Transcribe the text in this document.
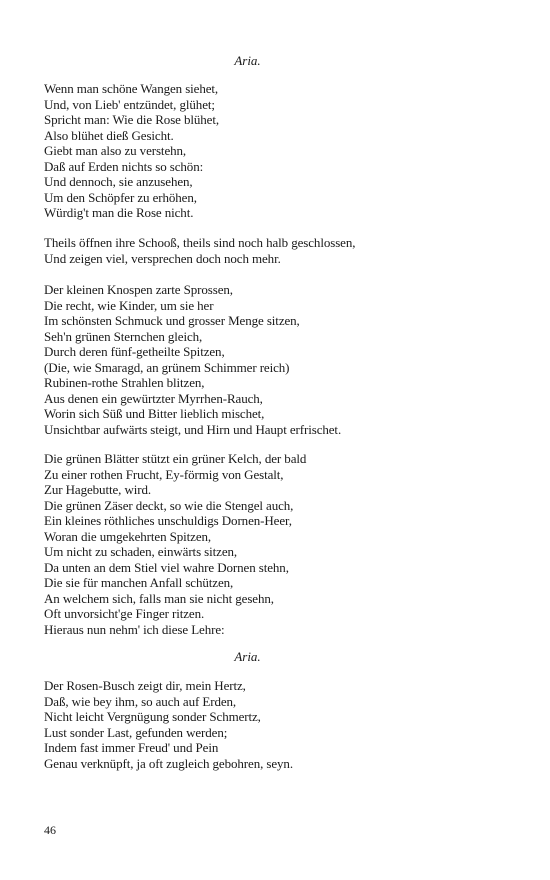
Aria.
Wenn man schöne Wangen siehet,
Und, von Lieb' entzündet, glühet;
Spricht man: Wie die Rose blühet,
Also blühet dieß Gesicht.
Giebt man also zu verstehn,
Daß auf Erden nichts so schön:
Und dennoch, sie anzusehen,
Um den Schöpfer zu erhöhen,
Würdig't man die Rose nicht.
Theils öffnen ihre Schooß, theils sind noch halb geschlossen,
Und zeigen viel, versprechen doch noch mehr.
Der kleinen Knospen zarte Sprossen,
Die recht, wie Kinder, um sie her
Im schönsten Schmuck und grosser Menge sitzen,
Seh'n grünen Sternchen gleich,
Durch deren fünf-getheilte Spitzen,
(Die, wie Smaragd, an grünem Schimmer reich)
Rubinen-rothe Strahlen blitzen,
Aus denen ein gewürtzter Myrrhen-Rauch,
Worin sich Süß und Bitter lieblich mischet,
Unsichtbar aufwärts steigt, und Hirn und Haupt erfrischet.
Die grünen Blätter stützt ein grüner Kelch, der bald
Zu einer rothen Frucht, Ey-förmig von Gestalt,
Zur Hagebutte, wird.
Die grünen Zäser deckt, so wie die Stengel auch,
Ein kleines röthliches unschuldigs Dornen-Heer,
Woran die umgekehrten Spitzen,
Um nicht zu schaden, einwärts sitzen,
Da unten an dem Stiel viel wahre Dornen stehn,
Die sie für manchen Anfall schützen,
An welchem sich, falls man sie nicht gesehn,
Oft unvorsicht'ge Finger ritzen.
Hieraus nun nehm' ich diese Lehre:
Aria.
Der Rosen-Busch zeigt dir, mein Hertz,
Daß, wie bey ihm, so auch auf Erden,
Nicht leicht Vergnügung sonder Schmertz,
Lust sonder Last, gefunden werden;
Indem fast immer Freud' und Pein
Genau verknüpft, ja oft zugleich gebohren, seyn.
46
